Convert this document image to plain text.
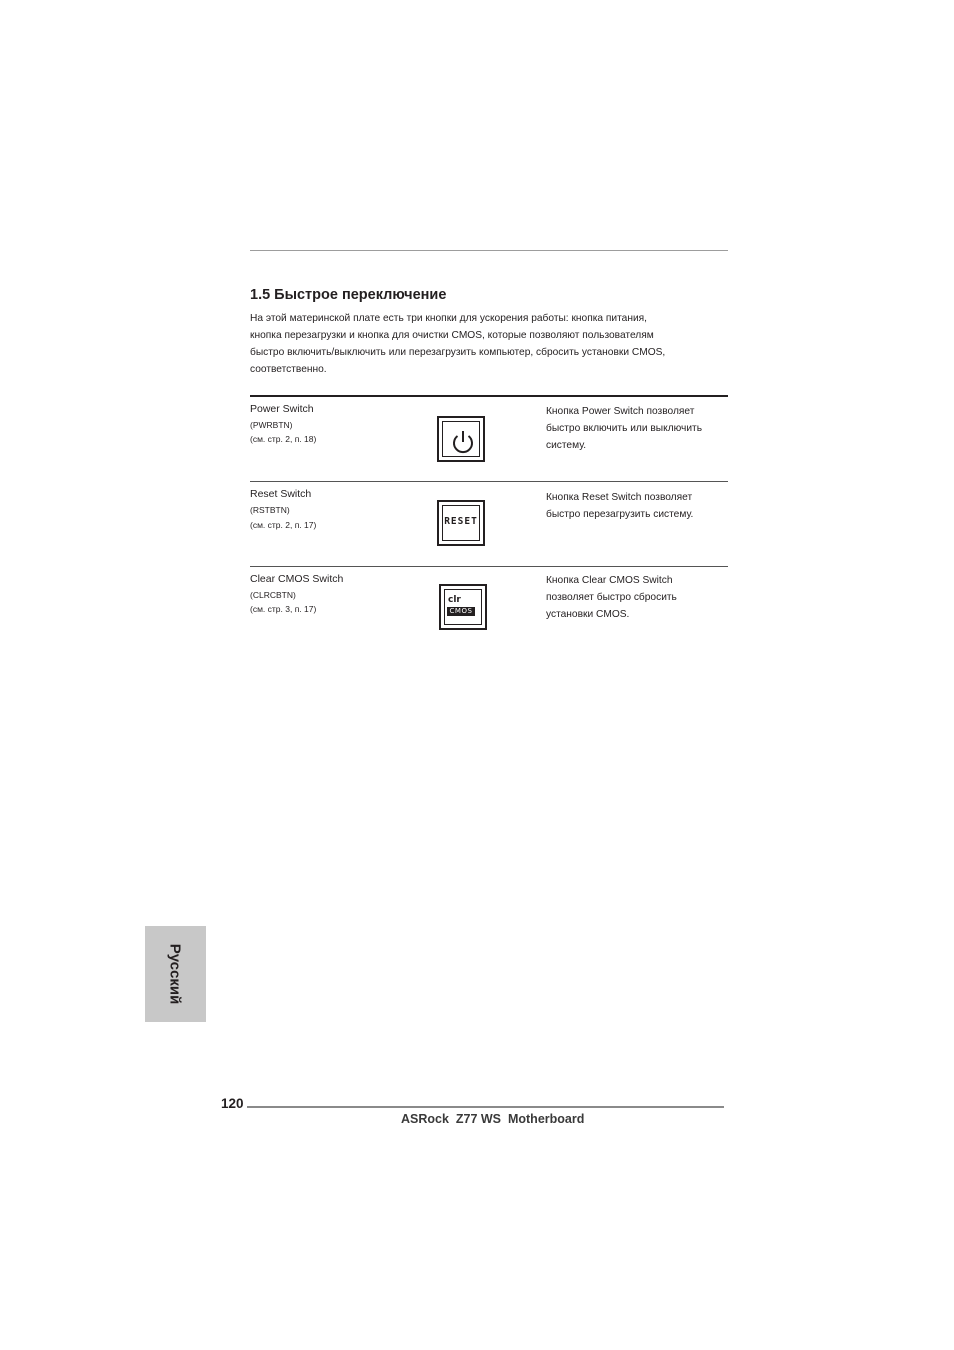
1.5 Быстрое переключение

На этой материнской плате есть три кнопки для ускорения работы: кнопка питания,
кнопка перезагрузки и кнопка для очистки CMOS, которые позволяют пользователям
быстро включить/выключить или перезагрузить компьютер, сбросить установки CMOS,
соответственно.

Power Switch
(PWRBTN)
(см. стр. 2, п. 18)
Кнопка Power Switch позволяет
быстро включить или выключить
систему.
Reset Switch
(RSTBTN)
(см. стр. 2, п. 17)	RESET
Кнопка Reset Switch позволяет
быстро перезагрузить систему.
Clear CMOS Switch
(CLRCBTN)
(см. стр. 3, п. 17)
clr
CMOS
Кнопка Clear CMOS Switch
позволяет быстро сбросить
установки CMOS.
Русский
120
ASRock  Z77 WS  Motherboard
